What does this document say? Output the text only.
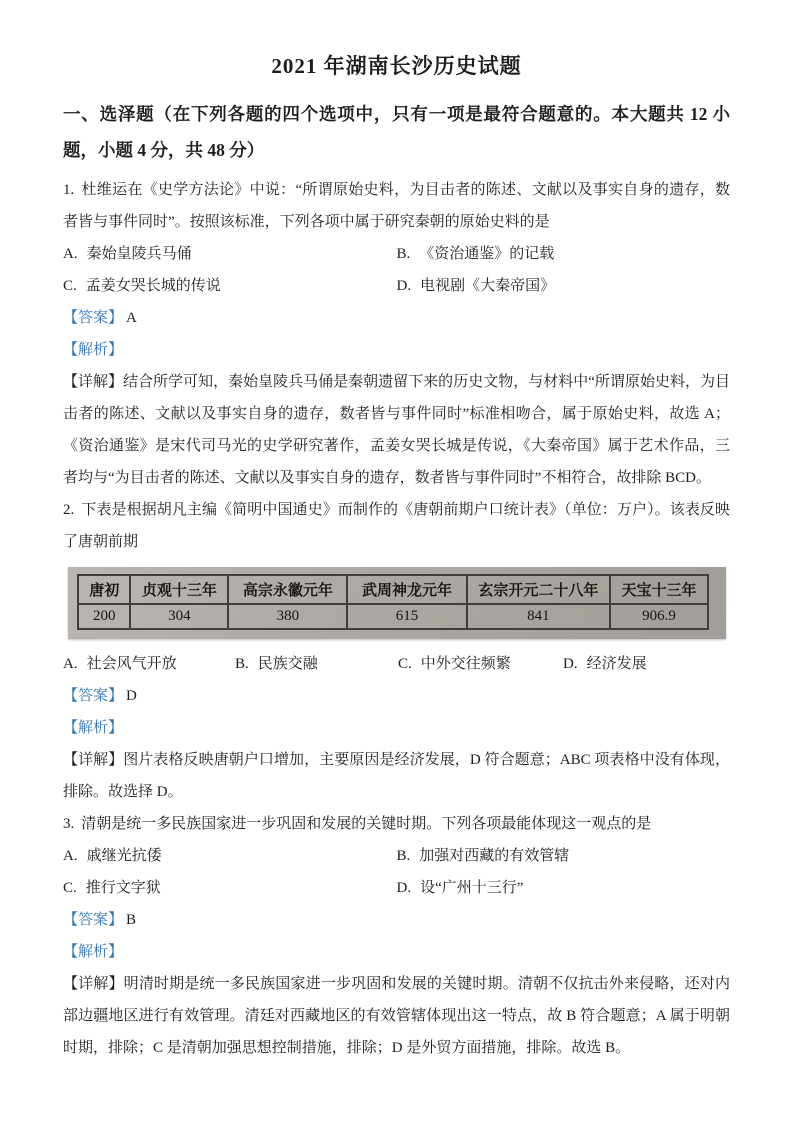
2021 年湖南长沙历史试题
一、选泽题（在下列各题的四个选项中，只有一项是最符合题意的。本大题共 12 小题，小题 4 分，共 48 分）

1. 杜维运在《史学方法论》中说：“所谓原始史料，为目击者的陈述、文献以及事实自身的遗存，数者皆与事件同时”。按照该标准，下列各项中属于研究秦朝的原始史料的是

A. 秦始皇陵兵马俑	B. 《资治通鉴》的记载
C. 孟姜女哭长城的传说	D. 电视剧《大秦帝国》

【答案】 A

【解析】

【详解】结合所学可知，秦始皇陵兵马俑是秦朝遗留下来的历史文物，与材料中“所谓原始史料，为目击者的陈述、文献以及事实自身的遗存，数者皆与事件同时”标准相吻合，属于原始史料，故选 A；《资治通鉴》是宋代司马光的史学研究著作，孟姜女哭长城是传说，《大秦帝国》属于艺术作品，三者均与“为目击者的陈述、文献以及事实自身的遗存，数者皆与事件同时”不相符合，故排除 BCD。

2. 下表是根据胡凡主编《简明中国通史》而制作的《唐朝前期户口统计表》（单位：万户）。该表反映了唐朝前期

唐初	贞观十三年	高宗永徽元年	武周神龙元年	玄宗开元二十八年	天宝十三年
200	304	380	615	841	906.9
A. 社会风气开放	B. 民族交融	C. 中外交往频繁	D. 经济发展

【答案】 D

【解析】

【详解】图片表格反映唐朝户口增加，主要原因是经济发展，D 符合题意；ABC 项表格中没有体现，排除。故选择 D。

3. 清朝是统一多民族国家进一步巩固和发展的关键时期。下列各项最能体现这一观点的是

A. 戚继光抗倭	B. 加强对西藏的有效管辖
C. 推行文字狱	D. 设“广州十三行”

【答案】 B

【解析】

【详解】明清时期是统一多民族国家进一步巩固和发展的关键时期。清朝不仅抗击外来侵略，还对内部边疆地区进行有效管理。清廷对西藏地区的有效管辖体现出这一特点，故 B 符合题意；A 属于明朝时期，排除；C 是清朝加强思想控制措施，排除；D 是外贸方面措施，排除。故选 B。
